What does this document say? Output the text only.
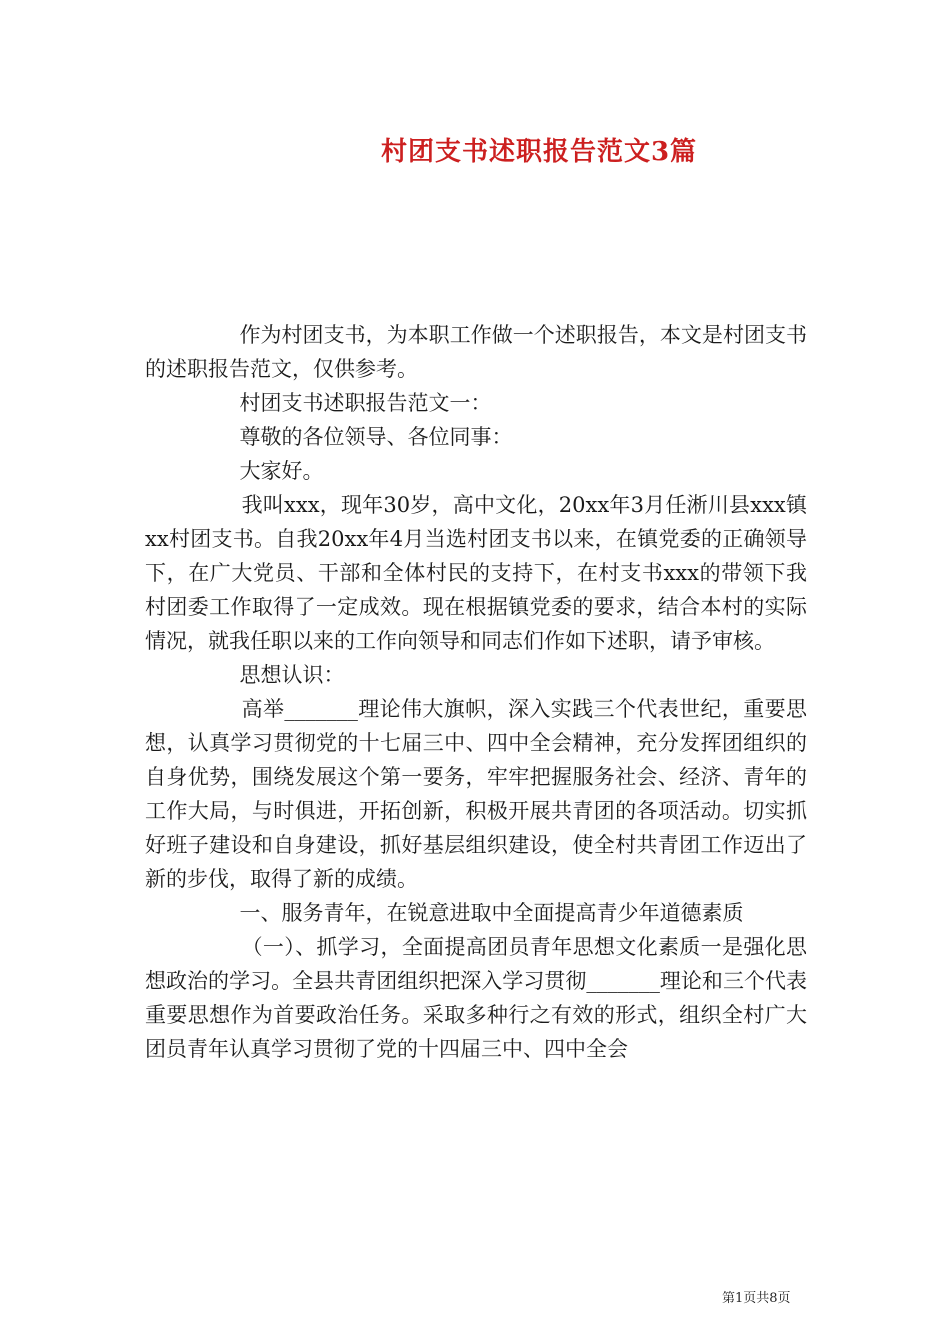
村团支书述职报告范文3篇

作为村团支书，为本职工作做一个述职报告，本文是村团支书的述职报告范文，仅供参考。

村团支书述职报告范文一：

尊敬的各位领导、各位同事：

大家好。

我叫xxx，现年30岁，高中文化，20xx年3月任淅川县xxx镇xx村团支书。自我20xx年4月当选村团支书以来，在镇党委的正确领导下，在广大党员、干部和全体村民的支持下，在村支书xxx的带领下我村团委工作取得了一定成效。现在根据镇党委的要求，结合本村的实际情况，就我任职以来的工作向领导和同志们作如下述职，请予审核。

思想认识：

高举_______理论伟大旗帜，深入实践三个代表世纪，重要思想，认真学习贯彻党的十七届三中、四中全会精神，充分发挥团组织的自身优势，围绕发展这个第一要务，牢牢把握服务社会、经济、青年的工作大局，与时俱进，开拓创新，积极开展共青团的各项活动。切实抓好班子建设和自身建设，抓好基层组织建设，使全村共青团工作迈出了新的步伐，取得了新的成绩。

一、服务青年，在锐意进取中全面提高青少年道德素质

（一）、抓学习，全面提高团员青年思想文化素质一是强化思想政治的学习。全县共青团组织把深入学习贯彻_______理论和三个代表重要思想作为首要政治任务。采取多种行之有效的形式，组织全村广大团员青年认真学习贯彻了党的十四届三中、四中全会

第1页共8页
